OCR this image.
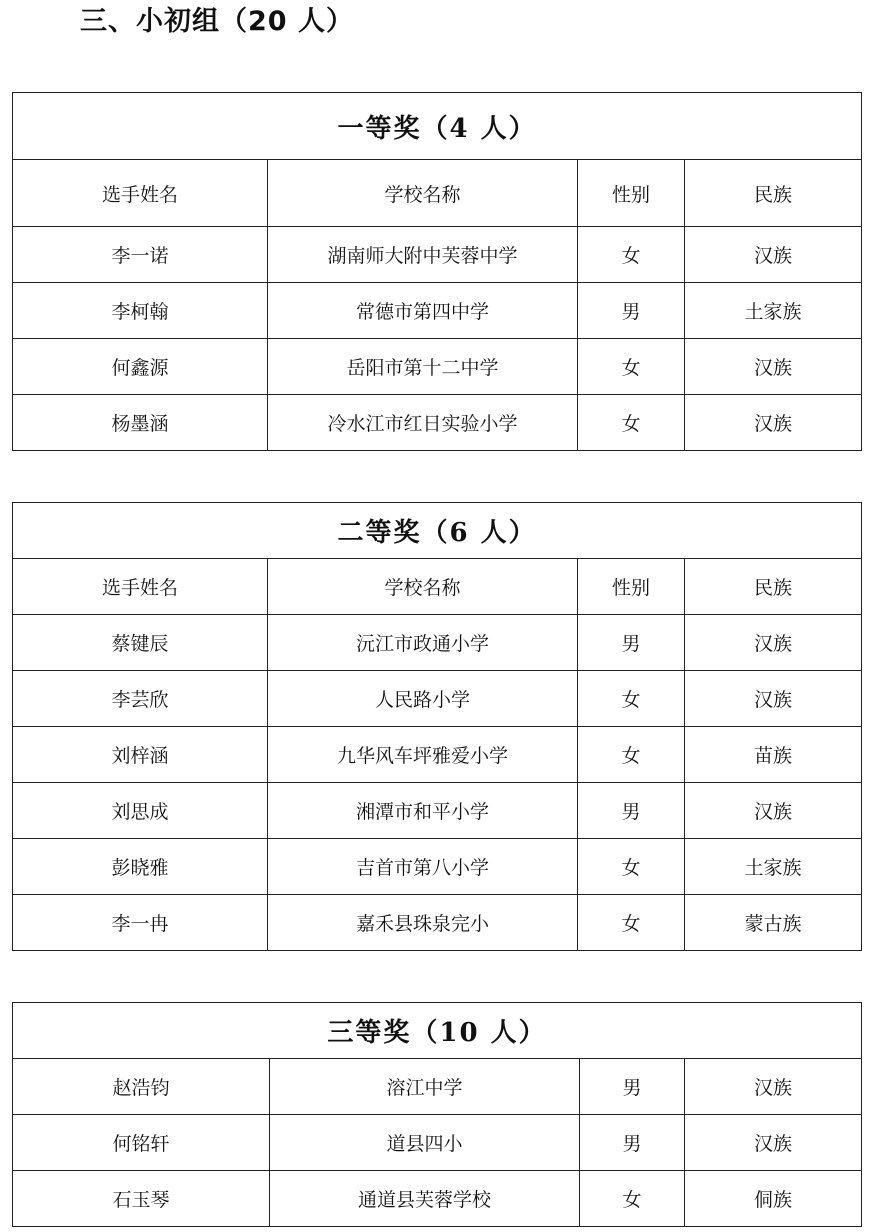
三、小初组（20 人）
一等奖（4 人）			
选手姓名	学校名称	性别	民族
李一诺	湖南师大附中芙蓉中学	女	汉族
李柯翰	常德市第四中学	男	土家族
何鑫源	岳阳市第十二中学	女	汉族
杨墨涵	冷水江市红日实验小学	女	汉族
二等奖（6 人）			
选手姓名	学校名称	性别	民族
蔡键辰	沅江市政通小学	男	汉族
李芸欣	人民路小学	女	汉族
刘梓涵	九华风车坪雅爱小学	女	苗族
刘思成	湘潭市和平小学	男	汉族
彭晓雅	吉首市第八小学	女	土家族
李一冉	嘉禾县珠泉完小	女	蒙古族
三等奖（10 人）			
赵浩钧	溶江中学	男	汉族
何铭轩	道县四小	男	汉族
石玉琴	通道县芙蓉学校	女	侗族
